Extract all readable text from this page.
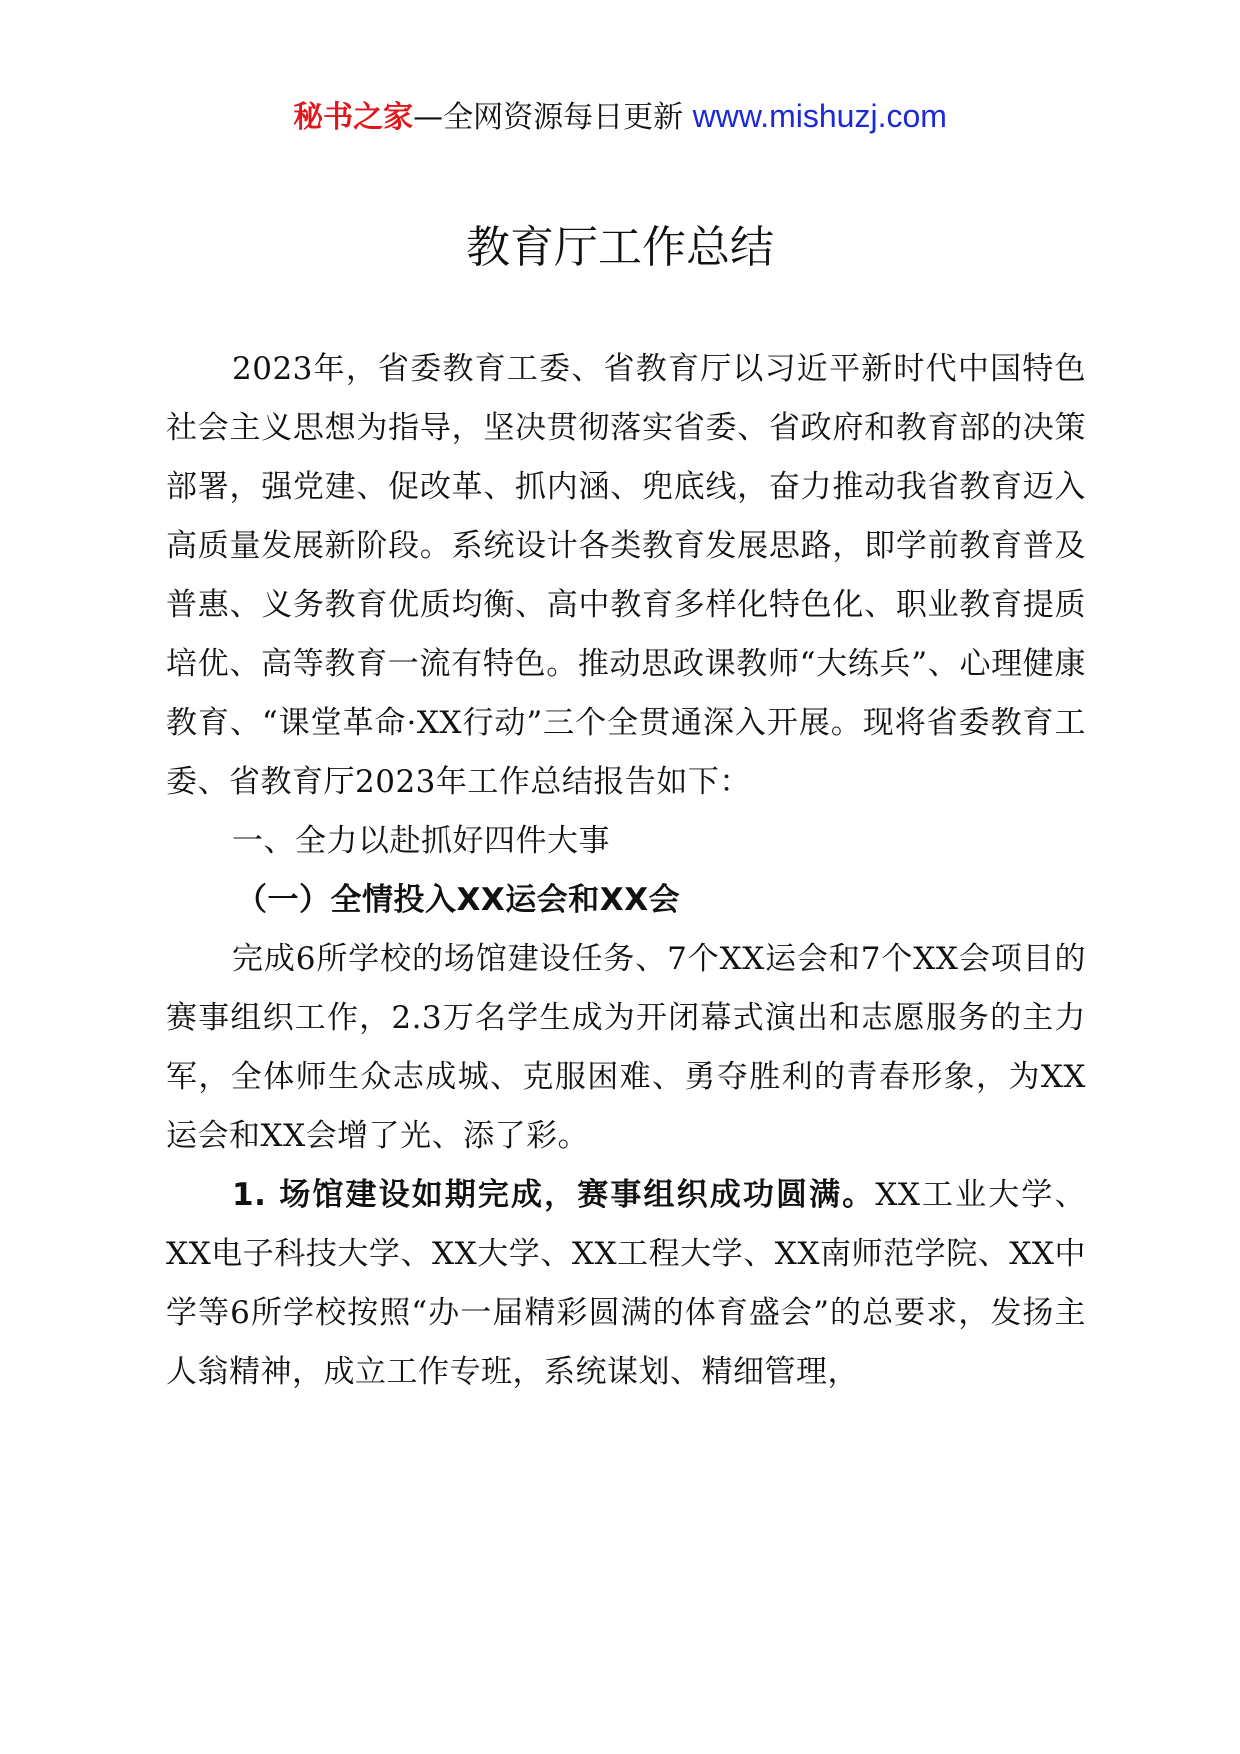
秘书之家—全网资源每日更新 www.mishuzj.com
教育厅工作总结

2023年，省委教育工委、省教育厅以习近平新时代中国特色社会主义思想为指导，坚决贯彻落实省委、省政府和教育部的决策部署，强党建、促改革、抓内涵、兜底线，奋力推动我省教育迈入高质量发展新阶段。系统设计各类教育发展思路，即学前教育普及普惠、义务教育优质均衡、高中教育多样化特色化、职业教育提质培优、高等教育一流有特色。推动思政课教师“大练兵”、心理健康教育、“课堂革命·XX行动”三个全贯通深入开展。现将省委教育工委、省教育厅2023年工作总结报告如下：

一、全力以赴抓好四件大事

（一）全情投入XX运会和XX会

完成6所学校的场馆建设任务、7个XX运会和7个XX会项目的赛事组织工作，2.3万名学生成为开闭幕式演出和志愿服务的主力军，全体师生众志成城、克服困难、勇夺胜利的青春形象，为XX运会和XX会增了光、添了彩。

1. 场馆建设如期完成，赛事组织成功圆满。XX工业大学、XX电子科技大学、XX大学、XX工程大学、XX南师范学院、XX中学等6所学校按照“办一届精彩圆满的体育盛会”的总要求，发扬主人翁精神，成立工作专班，系统谋划、精细管理，
